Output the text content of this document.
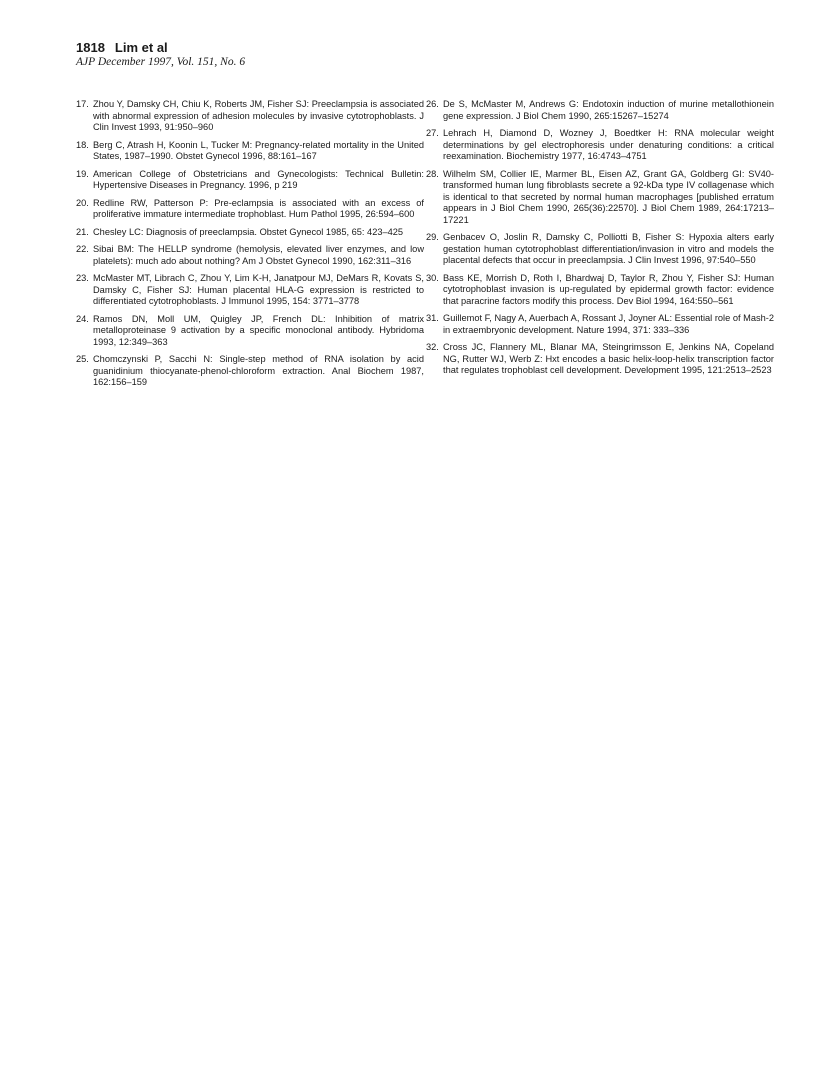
1818 Lim et al
AJP December 1997, Vol. 151, No. 6

17. Zhou Y, Damsky CH, Chiu K, Roberts JM, Fisher SJ: Preeclampsia is associated with abnormal expression of adhesion molecules by invasive cytotrophoblasts. J Clin Invest 1993, 91:950–960

18. Berg C, Atrash H, Koonin L, Tucker M: Pregnancy-related mortality in the United States, 1987–1990. Obstet Gynecol 1996, 88:161–167

19. American College of Obstetricians and Gynecologists: Technical Bulletin: Hypertensive Diseases in Pregnancy. 1996, p 219

20. Redline RW, Patterson P: Pre-eclampsia is associated with an excess of proliferative immature intermediate trophoblast. Hum Pathol 1995, 26:594–600

21. Chesley LC: Diagnosis of preeclampsia. Obstet Gynecol 1985, 65: 423–425

22. Sibai BM: The HELLP syndrome (hemolysis, elevated liver enzymes, and low platelets): much ado about nothing? Am J Obstet Gynecol 1990, 162:311–316

23. McMaster MT, Librach C, Zhou Y, Lim K-H, Janatpour MJ, DeMars R, Kovats S, Damsky C, Fisher SJ: Human placental HLA-G expression is restricted to differentiated cytotrophoblasts. J Immunol 1995, 154: 3771–3778

24. Ramos DN, Moll UM, Quigley JP, French DL: Inhibition of matrix metalloproteinase 9 activation by a specific monoclonal antibody. Hybridoma 1993, 12:349–363

25. Chomczynski P, Sacchi N: Single-step method of RNA isolation by acid guanidinium thiocyanate-phenol-chloroform extraction. Anal Biochem 1987, 162:156–159

26. De S, McMaster M, Andrews G: Endotoxin induction of murine metallothionein gene expression. J Biol Chem 1990, 265:15267–15274

27. Lehrach H, Diamond D, Wozney J, Boedtker H: RNA molecular weight determinations by gel electrophoresis under denaturing conditions: a critical reexamination. Biochemistry 1977, 16:4743–4751

28. Wilhelm SM, Collier IE, Marmer BL, Eisen AZ, Grant GA, Goldberg GI: SV40-transformed human lung fibroblasts secrete a 92-kDa type IV collagenase which is identical to that secreted by normal human macrophages [published erratum appears in J Biol Chem 1990, 265(36):22570]. J Biol Chem 1989, 264:17213–17221

29. Genbacev O, Joslin R, Damsky C, Polliotti B, Fisher S: Hypoxia alters early gestation human cytotrophoblast differentiation/invasion in vitro and models the placental defects that occur in preeclampsia. J Clin Invest 1996, 97:540–550

30. Bass KE, Morrish D, Roth I, Bhardwaj D, Taylor R, Zhou Y, Fisher SJ: Human cytotrophoblast invasion is up-regulated by epidermal growth factor: evidence that paracrine factors modify this process. Dev Biol 1994, 164:550–561

31. Guillemot F, Nagy A, Auerbach A, Rossant J, Joyner AL: Essential role of Mash-2 in extraembryonic development. Nature 1994, 371: 333–336

32. Cross JC, Flannery ML, Blanar MA, Steingrimsson E, Jenkins NA, Copeland NG, Rutter WJ, Werb Z: Hxt encodes a basic helix-loop-helix transcription factor that regulates trophoblast cell development. Development 1995, 121:2513–2523
